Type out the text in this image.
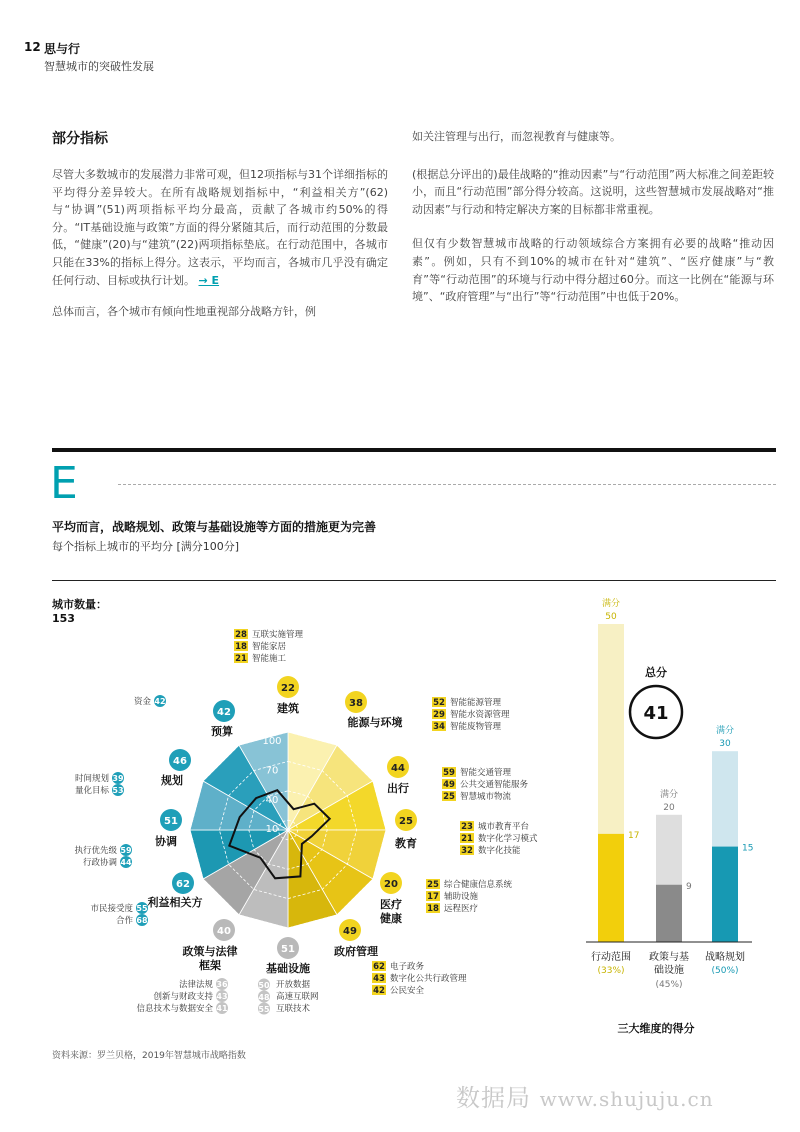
12 思与行
智慧城市的突破性发展
部分指标

尽管大多数城市的发展潜力非常可观，但12项指标与31个详细指标的平均得分差异较大。在所有战略规划指标中，“利益相关方”(62)与“协调”(51)两项指标平均分最高，贡献了各城市约50%的得分。“IT基础设施与政策”方面的得分紧随其后，而行动范围的分数最低，“健康”(20)与“建筑”(22)两项指标垫底。在行动范围中，各城市只能在33%的指标上得分。这表示，平均而言，各城市几乎没有确定任何行动、目标或执行计划。 → E

总体而言，各个城市有倾向性地重视部分战略方针，例

如关注管理与出行，而忽视教育与健康等。

(根据总分评出的)最佳战略的“推动因素”与“行动范围”两大标准之间差距较小，而且“行动范围”部分得分较高。这说明，这些智慧城市发展战略对“推动因素”与行动和特定解决方案的目标都非常重视。

但仅有少数智慧城市战略的行动领域综合方案拥有必要的战略“推动因素”。例如，只有不到10%的城市在针对“建筑”、“医疗健康”与“教育”等“行动范围”的环境与行动中得分超过60分。而这一比例在“能源与环境”、“政府管理”与“出行”等“行动范围”中也低于20%。

E
平均而言，战略规划、政策与基础设施等方面的措施更为完善
每个指标上城市的平均分 [满分100分]
城市数量：
153
100
70
40
10
22
建筑	38
能源与环境
44
出行
25
教育
20
医疗
健康
49
政府管理
51
基础设施
40
政策与法律
框架
62
利益相关方
51
协调
46
规划
42
预算
28 互联实施管理
18 智能家居
21 智能施工
52 智能能源管理
29 智能水资源管理
34 智能废物管理
59 智能交通管理
49 公共交通智能服务
25 智慧城市物流
23 城市教育平台
21 数字化学习模式
32 数字化技能
25 综合健康信息系统
17 辅助设施
18 远程医疗
62 电子政务
43 数字化公共行政管理
42 公民安全
50 开放数据
48 高速互联网
55 互联技术
36
法律法规
43
创新与财政支持
41
信息技术与数据安全
55
市民接受度
68
合作
59
执行优先级
44
行政协调
39
时间规划
53
量化目标
42
资金
满分
50
17
行动范围
(33%)
满分
20
9
政策与基
础设施
(45%)
满分
30
15
战略规划
(50%)
总分
41
三大维度的得分
资料来源：罗兰贝格，2019年智慧城市战略指数
数据局 www.shujuju.cn
